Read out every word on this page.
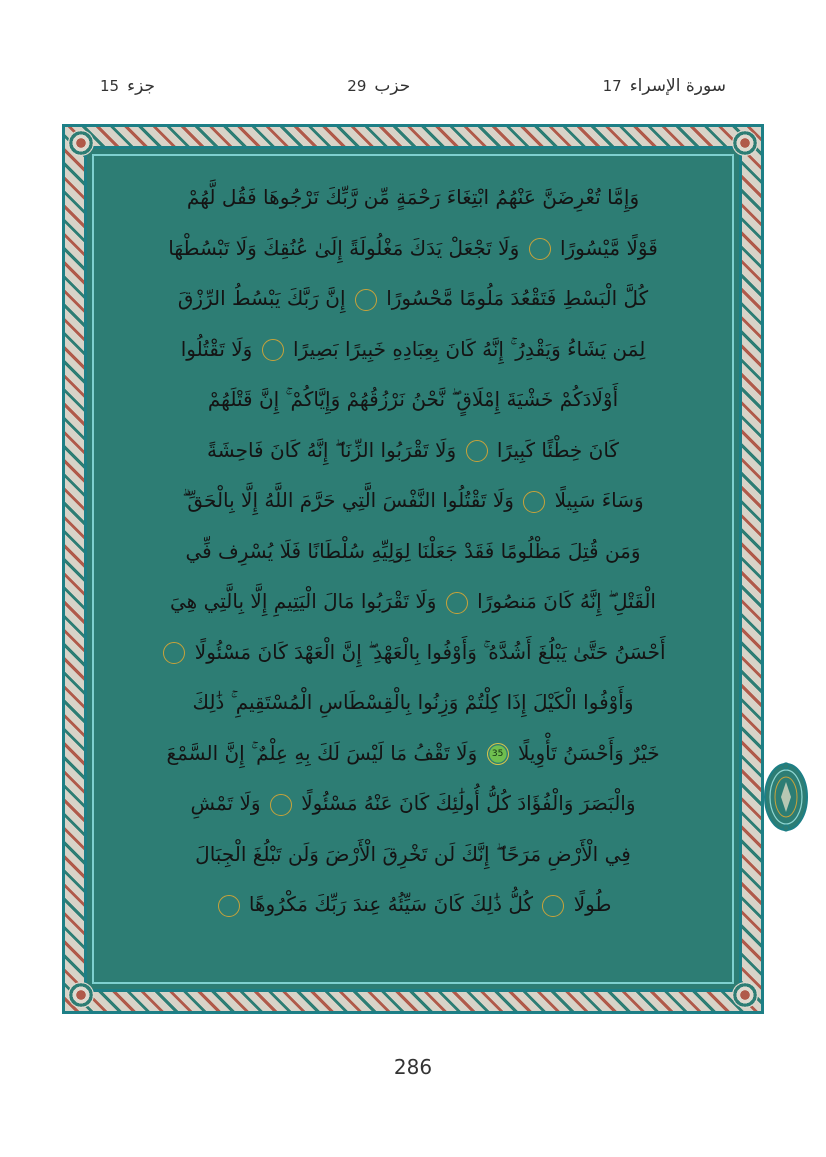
سورة الإسراء
17
حزب
29
جزء
15
وَإِمَّا تُعْرِضَنَّ عَنْهُمُ ابْتِغَاءَ رَحْمَةٍ مِّن رَّبِّكَ تَرْجُوهَا فَقُل لَّهُمْ
قَوْلًا مَّيْسُورًا  وَلَا تَجْعَلْ يَدَكَ مَغْلُولَةً إِلَىٰ عُنُقِكَ وَلَا تَبْسُطْهَا
كُلَّ الْبَسْطِ فَتَقْعُدَ مَلُومًا مَّحْسُورًا  إِنَّ رَبَّكَ يَبْسُطُ الرِّزْقَ
لِمَن يَشَاءُ وَيَقْدِرُ ۚ إِنَّهُ كَانَ بِعِبَادِهِ خَبِيرًا بَصِيرًا  وَلَا تَقْتُلُوا
أَوْلَادَكُمْ خَشْيَةَ إِمْلَاقٍ ۖ نَّحْنُ نَرْزُقُهُمْ وَإِيَّاكُمْ ۚ إِنَّ قَتْلَهُمْ
كَانَ خِطْئًا كَبِيرًا  وَلَا تَقْرَبُوا الزِّنَا ۖ إِنَّهُ كَانَ فَاحِشَةً
وَسَاءَ سَبِيلًا  وَلَا تَقْتُلُوا النَّفْسَ الَّتِي حَرَّمَ اللَّهُ إِلَّا بِالْحَقِّ ۗ
وَمَن قُتِلَ مَظْلُومًا فَقَدْ جَعَلْنَا لِوَلِيِّهِ سُلْطَانًا فَلَا يُسْرِف فِّي
الْقَتْلِ ۖ إِنَّهُ كَانَ مَنصُورًا  وَلَا تَقْرَبُوا مَالَ الْيَتِيمِ إِلَّا بِالَّتِي هِيَ
أَحْسَنُ حَتَّىٰ يَبْلُغَ أَشُدَّهُ ۚ وَأَوْفُوا بِالْعَهْدِ ۖ إِنَّ الْعَهْدَ كَانَ مَسْئُولًا
وَأَوْفُوا الْكَيْلَ إِذَا كِلْتُمْ وَزِنُوا بِالْقِسْطَاسِ الْمُسْتَقِيمِ ۚ ذَٰلِكَ
خَيْرٌ وَأَحْسَنُ تَأْوِيلًا 35 وَلَا تَقْفُ مَا لَيْسَ لَكَ بِهِ عِلْمٌ ۚ إِنَّ السَّمْعَ
وَالْبَصَرَ وَالْفُؤَادَ كُلُّ أُولَٰئِكَ كَانَ عَنْهُ مَسْئُولًا  وَلَا تَمْشِ
فِي الْأَرْضِ مَرَحًا ۖ إِنَّكَ لَن تَخْرِقَ الْأَرْضَ وَلَن تَبْلُغَ الْجِبَالَ
طُولًا  كُلُّ ذَٰلِكَ كَانَ سَيِّئُهُ عِندَ رَبِّكَ مَكْرُوهًا
286
